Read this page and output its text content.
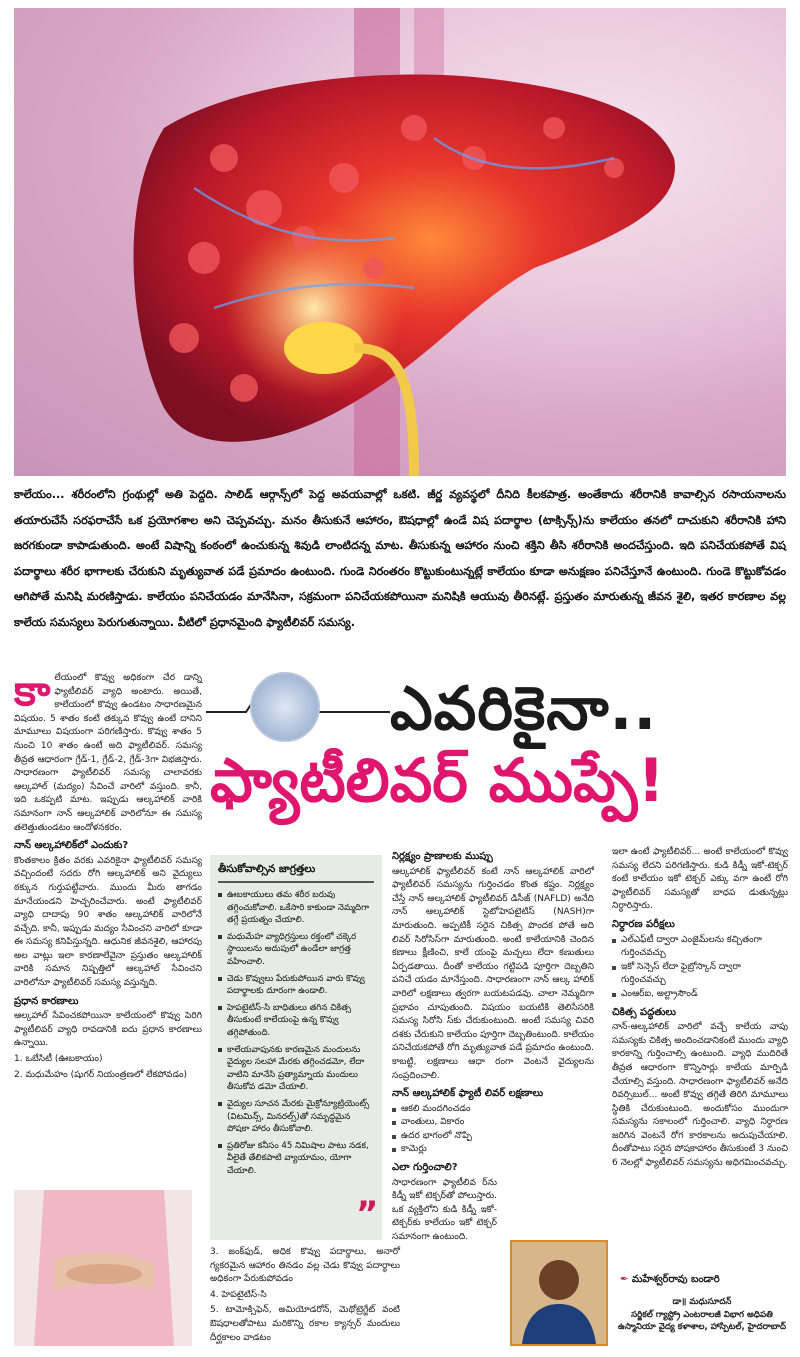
కాలేయం... శరీరంలోని గ్రంథుల్లో అతి పెద్దది. సాలిడ్ ఆర్గాన్స్‌లో పెద్ద అవయవాల్లో ఒకటి. జీర్ణ వ్యవస్థలో దీనిది కీలకపాత్ర. అంతేకాదు శరీరానికి కావాల్సిన రసాయనాలను తయారుచేసే సరఫరాచేసే ఒక ప్రయోగశాల అని చెప్పవచ్చు. మనం తీసుకునే ఆహారం, ఔషధాల్లో ఉండే విష పదార్థాల (టాక్సిన్స్)ను కాలేయం తనలో దాచుకుని శరీరానికి హాని జరగకుండా కాపాడుతుంది. అంటే విషాన్ని కంఠంలో ఉంచుకున్న శివుడి లాంటిదన్న మాట. తీసుకున్న ఆహారం నుంచి శక్తిని తీసి శరీరానికి అందచేస్తుంది. ఇది పనిచేయకపోతే విష పదార్థాలు శరీర భాగాలకు చేరుకుని మృత్యువాత పడే ప్రమాదం ఉంటుంది. గుండె నిరంతరం కొట్టుకుంటున్నట్లే కాలేయం కూడా అనుక్షణం పనిచేస్తూనే ఉంటుంది. గుండె కొట్టుకోవడం ఆగిపోతే మనిషి మరణిస్తాడు. కాలేయం పనిచేయడం మానేసినా, సక్రమంగా పనిచేయకపోయినా మనిషికి ఆయువు తీరినట్లే. ప్రస్తుతం మారుతున్న జీవన శైలి, ఇతర కారణాల వల్ల కాలేయ సమస్యలు పెరుగుతున్నాయి. వీటిలో ప్రధానమైంది ఫ్యాటీలివర్ సమస్య.
కా లేయంలో కొవ్వు అధికంగా చేర డాన్ని ఫ్యాటీలివర్ వ్యాధి అంటారు. అయితే, కాలేయంలో కొవ్వు ఉండటం సాధారణమైన విషయం. 5 శాతం కంటే తక్కువ కొవ్వు ఉంటే దానిని మామూలు విషయంగా పరిగణిస్తారు. కొవ్వు శాతం 5 నుంచి 10 శాతం ఉంటే అది ఫ్యాటీలివర్. సమస్య తీవ్రత ఆధారంగా గ్రేడ్-1, గ్రేడ్-2, గ్రేడ్-3గా విభజిస్తారు. సాధారణంగా ఫ్యాటీలివర్ సమస్య చాలావరకు ఆల్కహాల్ (మద్యం) సేవించే వారిలో వస్తుంది. కానీ, ఇది ఒకప్పటి మాట. ఇప్పుడు ఆల్కహాలిక్ వారికి సమానంగా నాన్ ఆల్కహాలిక్ వారిలోనూ ఈ సమస్య తలెత్తుతుండటం ఆందోళనకరం.

నాన్ ఆల్కహాలిక్‌లో ఎందుకు?

కొంతకాలం క్రితం వరకు ఎవరికైనా ఫ్యాటీలివర్ సమస్య వచ్చిందంటే సదరు రోగి ఆల్కహాలిక్ అని వైద్యులు ఠక్కున గుర్తుపట్టేవారు. ముందు మీరు తాగడం మానేయండని హెచ్చరించేవారు. అంటే ఫ్యాటీలివర్ వ్యాధి దాదాపు 90 శాతం ఆల్కహాలిక్ వారిలోనే వచ్చేది. కానీ, ఇప్పుడు మద్యం సేవించని వారిలో కూడా ఈ సమస్య కనిపిస్తున్నది. ఆధునిక జీవనశైలి, ఆహారపు అల వాట్లు ఇలా కారణాలేవైనా ప్రస్తుతం ఆల్కహాలిక్ వారికి సమాన నిష్పత్తిలో ఆల్కహాల్ సేవించని వారిలోనూ ఫ్యాటీలివర్ సమస్య వస్తున్నది.

ప్రధాన కారణాలు

ఆల్కహాల్ సేవించకపోయినా కాలేయంలో కొవ్వు పెరిగి ఫ్యాటీలివర్ వ్యాధి రావడానికి ఐదు ప్రధాన కారణాలు ఉన్నాయి.

1. ఒబేసిటీ (ఊబకాయం)

2. మధుమేహం (షుగర్ నియంత్రణలో లేకపోవడం)

ఎవరికైనా..
ఫ్యాటీలివర్ ముప్పే!
తీసుకోవాల్సిన జాగ్రత్తలు
ఊబకాయులు తమ శరీర బరువు తగ్గించుకోవాలి. ఒకేసారి కాకుండా నెమ్మదిగా తగ్గే ప్రయత్నం చేయాలి.
మధుమేహ వ్యాధిగ్రస్తులు రక్తంలో చక్కెర స్థాయిలను అదుపులో ఉండేలా జాగ్రత్త వహించాలి.
చెడు కొవ్వులు పేరుకుపోయిన వారు కొవ్వు పదార్థాలకు దూరంగా ఉండాలి.
హెపటైటిస్-సి బాధితులు తగిన చికిత్స తీసుకుంటే కాలేయంపై ఉన్న కొవ్వు తగ్గిపోతుంది.
కాలేయవాపునకు కారణమైన మందులను వైద్యుల సలహా మేరకు తగ్గించడమో, లేదా వాటిని మానేసి ప్రత్యామ్నాయ మందులు తీసుకోవ డమో చేయాలి.
వైద్యుల సూచన మేరకు మైక్రోన్యూట్రియెంట్స్ (విటమిన్స్, మినరల్స్)తో సమృద్ధమైన పోషకా హారం తీసుకోవాలి.
ప్రతిరోజు కనీసం 45 నిమిషాల పాటు నడక, వీలైతే తేలికపాటి వ్యాయామం, యోగా చేయాలి.
”

3. జంక్‌ఫుడ్, అధిక కొవ్వు పదార్థాలు, అనారో గ్యకరమైన ఆహారం తినడం వల్ల చెడు కొవ్వు పదార్థాలు అధికంగా పేరుకుపోవడం

4. హెపటైటిస్-సి

5. టామోక్సిఫెన్, అమియోడరోన్, మెథోట్రెగ్జేట్ వంటి ఔషధాలతోపాటు మరికొన్ని రకాల క్యాన్సర్ మందులు దీర్ఘకాలం వాడటం

నిర్లక్ష్యం ప్రాణాలకు ముప్పు

ఆల్కహాలిక్ ఫ్యాటీలివర్ కంటే నాన్ ఆల్కహాలిక్ వారిలో ఫ్యాటీలివర్ సమస్యను గుర్తించడం కొంత కష్టం. నిర్లక్ష్యం చేస్తే నాన్ ఆల్కహాలిక్ ఫ్యాటీలివర్ డిసీజ్ (NAFLD) అనేది నాన్ ఆల్కహాలిక్ స్టెటోహెపటైటిస్ (NASH)గా మారుతుంది. అప్పటికీ సరైన చికిత్స పొందక పోతే అది లివర్ సిరోసిస్‌గా మారుతుంది. అంటే కాలేయానికి చెందిన కణాలు క్షీణించి, కాలే యంపై మచ్చలు లేదా కణుతులు ఏర్పడతాయి. దీంతో కాలేయం గట్టిపడి పూర్తిగా దెబ్బతిని పనిచే యడం మానేస్తుంది. సాధారణంగా నాన్ ఆల్క హాలిక్ వారిలో లక్షణాలు త్వరగా బయటపడవు. చాలా నెమ్మదిగా ప్రభావం చూపుతుంది. విషయం బయటికి తెలిసేసరికి సమస్య సిరోసి స్‌కు చేరుకుంటుంది. అంటే సమస్య చివరి దశకు చేరుకుని కాలేయం పూర్తిగా దెబ్బతింటుంది. కాలేయం పనిచేయకపోతే రోగి మృత్యువాత పడే ప్రమాదం ఉంటుంది. కాబట్టి, లక్షణాలు ఆధా రంగా వెంటనే వైద్యులను సంప్రదించాలి.

నాన్ ఆల్కహాలిక్ ఫ్యాటీ లివర్ లక్షణాలు
ఆకలి మందగించడం
వాంతులు, వికారం
ఉదర భాగంలో నొప్పి
కామెర్లు
ఎలా గుర్తించాలి?

సాధారణంగా ఫ్యాటీలివ ర్‌ను కిడ్నీ ఇకో టెక్చర్‌తో పోలుస్తారు. ఒక వ్యక్తిలోని కుడి కిడ్నీ ఇకో-టెక్చర్‌కు కాలేయం ఇకో టెక్చర్ సమానంగా ఉంటుంది.

ఇలా ఉంటే ఫ్యాటీలివర్... అంటే కాలేయంలో కొవ్వు సమస్య లేదని పరిగణిస్తారు. కుడి కిడ్నీ ఇకో-టెక్చర్ కంటే కాలేయం ఇకో టెక్చర్ ఎక్కు వగా ఉంటే రోగి ఫ్యాటీలివర్ సమస్యతో బాధప డుతున్నట్లు నిర్ధారిస్తారు.

నిర్ధారణ పరీక్షలు
ఎల్ఎఫ్‌టీ ద్వారా ఎంజైమ్‌లను కచ్చితంగా గుర్తించవచ్చు
ఇకో సెన్సెస్ లేదా ఫైబ్రోస్కాన్ ద్వారా గుర్తించవచ్చు
ఎంఆర్ఐ, అల్ట్రాసౌండ్
చికిత్స పద్ధతులు

నాన్-ఆల్కహాలిక్ వారిలో వచ్చే కాలేయ వాపు సమస్యకు చికిత్స అందించడానికంటే ముందు వ్యాధి కారకాన్ని గుర్తించాల్సి ఉంటుంది. వ్యాధి ముదిరితే తీవ్రత ఆధారంగా కొన్నిసార్లు కాలేయ మార్పిడి చేయాల్సి వస్తుంది. సాధారణంగా ఫ్యాటీలివర్ అనేది రివర్సిబుల్... అంటే కొవ్వు తగ్గితే తిరిగి మామూలు స్థితికి చేరుకుంటుంది. అందుకోసం ముందుగా సమస్యను సకాలంలో గుర్తించాలి. వ్యాధి నిర్ధారణ జరిగిన వెంటనే రోగ కారకాలను అదుపుచేయాలి. దీంతోపాటు సరైన పోషకాహారం తీసుకుంటే 3 నుంచి 6 నెలల్లో ఫ్యాటీలివర్ సమస్యను అధిగమించవచ్చు.

✒ మహేశ్వర్‌రావు బండారి
డా॥ మధుసూదన్
సర్జికల్ గ్యాస్ట్రో ఎంటరాలజీ విభాగ అధిపతి
ఉస్మానియా వైద్య కళాశాల, హాస్పిటల్, హైదరాబాద్
